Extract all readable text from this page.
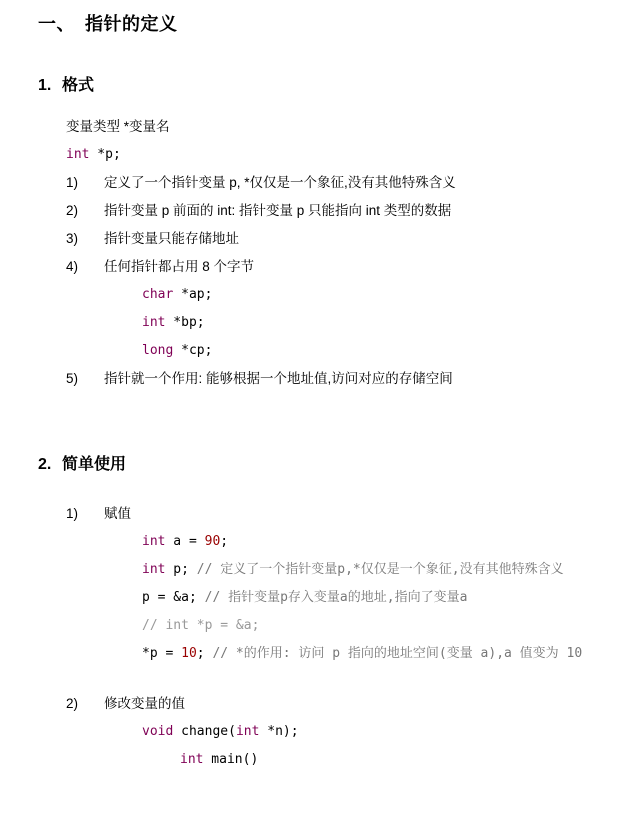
一、 指针的定义
1. 格式
变量类型 *变量名
int *p;
1)	定义了一个指针变量 p, *仅仅是一个象征,没有其他特殊含义
2)	指针变量 p 前面的 int: 指针变量 p 只能指向 int 类型的数据
3)	指针变量只能存储地址
4)	任何指针都占用 8 个字节
char *ap;
int *bp;
long *cp;
5)	指针就一个作用: 能够根据一个地址值,访问对应的存储空间
2. 简单使用
1)	赋值
int a = 90;
int p; // 定义了一个指针变量p,*仅仅是一个象征,没有其他特殊含义
p = &a; // 指针变量p存入变量a的地址,指向了变量a
// int *p = &a;
*p = 10; // *的作用: 访问 p 指向的地址空间(变量 a),a 值变为 10
2)	修改变量的值
void change(int *n);
int main()
